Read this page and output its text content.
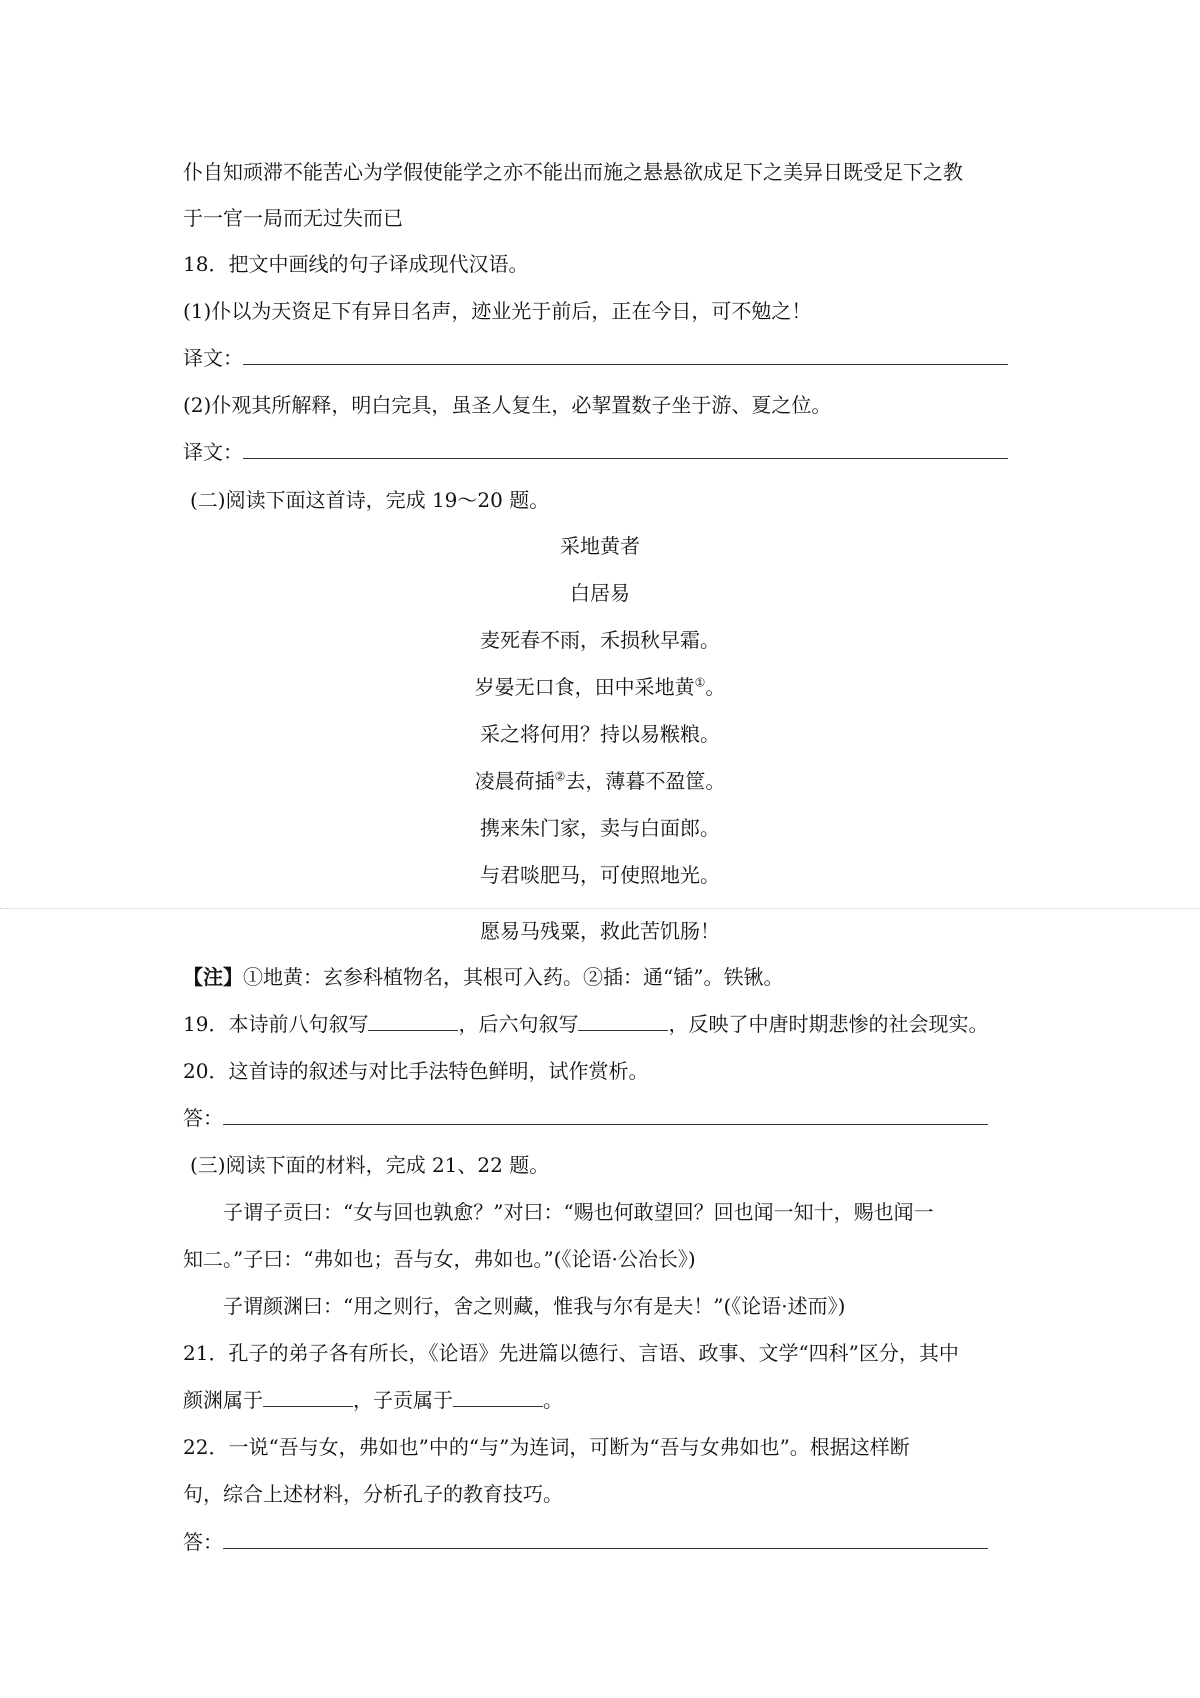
仆自知顽滞不能苦心为学假使能学之亦不能出而施之悬悬欲成足下之美异日既受足下之教
于一官一局而无过失而已
18．把文中画线的句子译成现代汉语。
(1)仆以为天资足下有异日名声，迹业光于前后，正在今日，可不勉之！
译文：
(2)仆观其所解释，明白完具，虽圣人复生，必挈置数子坐于游、夏之位。
译文：
(二)阅读下面这首诗，完成 19～20 题。
采地黄者
白居易
麦死春不雨，禾损秋早霜。
岁晏无口食，田中采地黄①。
采之将何用？持以易糇粮。
凌晨荷插②去，薄暮不盈筐。
携来朱门家，卖与白面郎。
与君啖肥马，可使照地光。
愿易马残粟，救此苦饥肠！
【注】①地黄：玄参科植物名，其根可入药。②插：通“锸”。铁锹。
19．本诗前八句叙写	，后六句叙写	，反映了中唐时期悲惨的社会现实。
20．这首诗的叙述与对比手法特色鲜明，试作赏析。
答：
(三)阅读下面的材料，完成 21、22 题。
子谓子贡曰：“女与回也孰愈？”对曰：“赐也何敢望回？回也闻一知十，赐也闻一
知二。”子曰：“弗如也；吾与女，弗如也。”(《论语·公冶长》)
子谓颜渊曰：“用之则行，舍之则藏，惟我与尔有是夫！”(《论语·述而》)
21．孔子的弟子各有所长，《论语》先进篇以德行、言语、政事、文学“四科”区分，其中
颜渊属于	，子贡属于	。
22．一说“吾与女，弗如也”中的“与”为连词，可断为“吾与女弗如也”。根据这样断
句，综合上述材料，分析孔子的教育技巧。
答：
